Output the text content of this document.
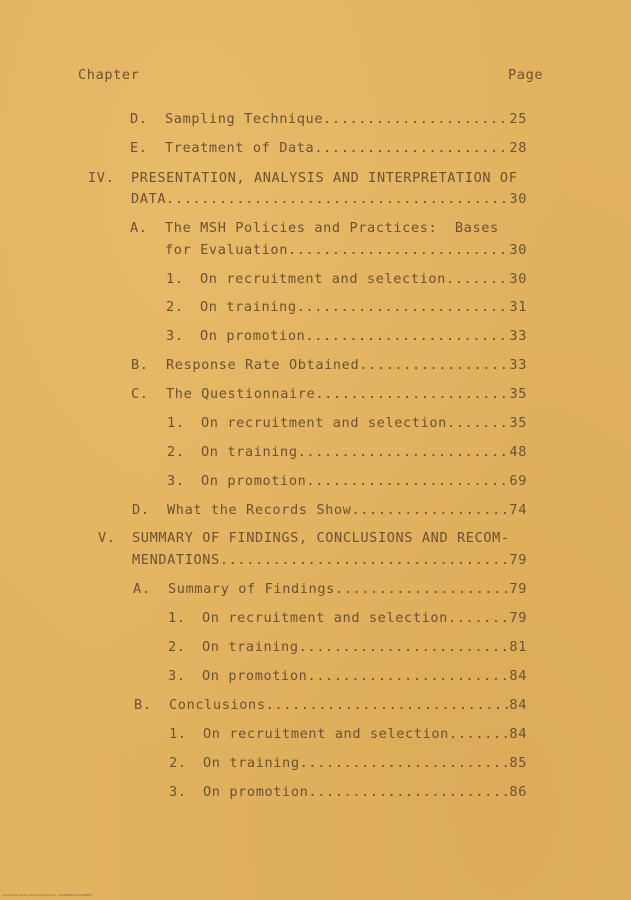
Chapter	Page
D. Sampling Technique .....	25
E. Treatment of Data .....	28
IV. PRESENTATION, ANALYSIS AND INTERPRETATION OF
DATA .....	30
A. The MSH Policies and Practices:  Bases
for Evaluation .....	30
1. On recruitment and selection .....	30
2. On training .....	31
3. On promotion .....	33
B. Response Rate Obtained .....	33
C. The Questionnaire .....	35
1. On recruitment and selection .....	35
2. On training .....	48
3. On promotion .....	69
D. What the Records Show .....	74
V. SUMMARY OF FINDINGS, CONCLUSIONS AND RECOM-
MENDATIONS .....	79
A. Summary of Findings .....	79
1. On recruitment and selection .....	79
2. On training .....	81
3. On promotion .....	84
B. Conclusions .....	84
1. On recruitment and selection .....	84
2. On training .....	85
3. On promotion .....	86
University Library of the Philippines · SCANNED DOCUMENT
